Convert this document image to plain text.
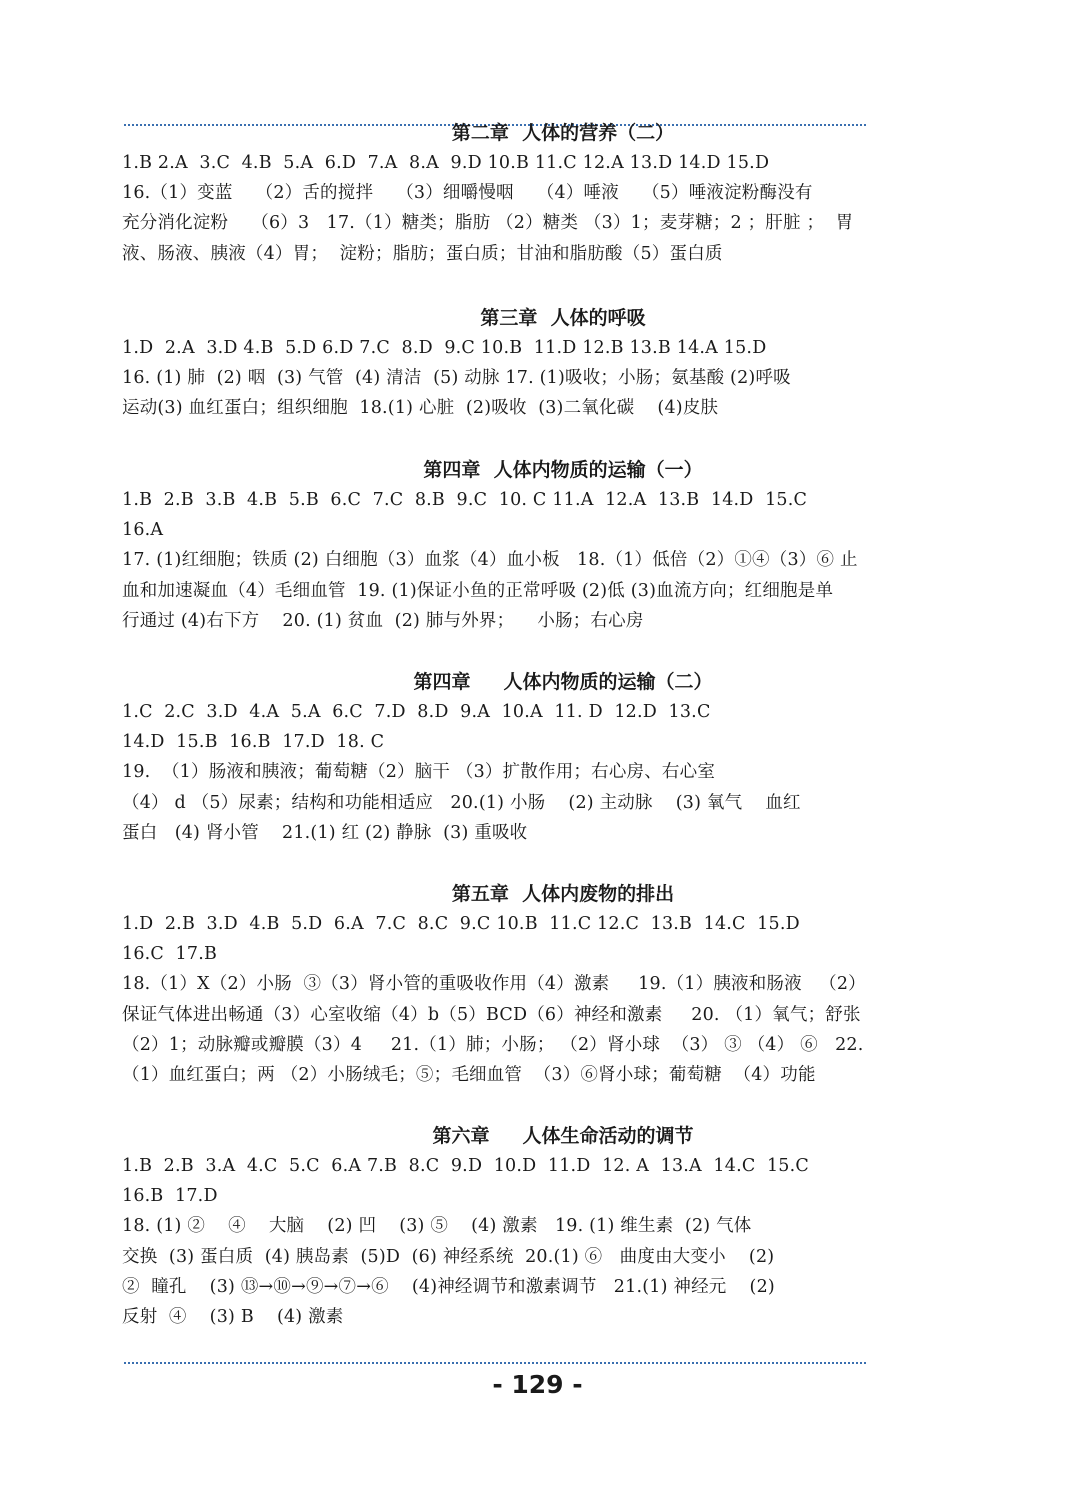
第二章  人体的营养（二）
1.B 2.A  3.C  4.B  5.A  6.D  7.A  8.A  9.D 10.B 11.C 12.A 13.D 14.D 15.D
16.（1）变蓝    （2）舌的搅拌    （3）细嚼慢咽    （4）唾液    （5）唾液淀粉酶没有
充分消化淀粉    （6）3   17.（1）糖类；脂肪 （2）糖类 （3）1；麦芽糖；2 ；肝脏 ；  胃
液、肠液、胰液（4）胃；  淀粉；脂肪；蛋白质；甘油和脂肪酸（5）蛋白质
第三章  人体的呼吸
1.D  2.A  3.D 4.B  5.D 6.D 7.C  8.D  9.C 10.B  11.D 12.B 13.B 14.A 15.D
16. (1) 肺  (2) 咽  (3) 气管  (4) 清洁  (5) 动脉 17. (1)吸收；小肠；氨基酸 (2)呼吸
运动(3) 血红蛋白；组织细胞  18.(1) 心脏  (2)吸收  (3)二氧化碳    (4)皮肤
第四章  人体内物质的运输（一）
1.B  2.B  3.B  4.B  5.B  6.C  7.C  8.B  9.C  10. C 11.A  12.A  13.B  14.D  15.C
16.A
17. (1)红细胞；铁质 (2) 白细胞（3）血浆（4）血小板   18.（1）低倍（2）①④（3）⑥ 止
血和加速凝血（4）毛细血管  19. (1)保证小鱼的正常呼吸 (2)低 (3)血流方向；红细胞是单
行通过 (4)右下方    20. (1) 贫血  (2) 肺与外界；    小肠；右心房
第四章     人体内物质的运输（二）
1.C  2.C  3.D  4.A  5.A  6.C  7.D  8.D  9.A  10.A  11. D  12.D  13.C
14.D  15.B  16.B  17.D  18. C
19.  （1）肠液和胰液；葡萄糖（2）脑干 （3）扩散作用；右心房、右心室
（4） d （5）尿素；结构和功能相适应   20.(1) 小肠    (2) 主动脉    (3) 氧气    血红
蛋白   (4) 肾小管    21.(1) 红 (2) 静脉  (3) 重吸收
第五章  人体内废物的排出
1.D  2.B  3.D  4.B  5.D  6.A  7.C  8.C  9.C 10.B  11.C 12.C  13.B  14.C  15.D
16.C  17.B
18.（1）X（2）小肠  ③（3）肾小管的重吸收作用（4）激素     19.（1）胰液和肠液   （2）
保证气体进出畅通（3）心室收缩（4）b（5）BCD（6）神经和激素     20. （1）氧气；舒张
（2）1；动脉瓣或瓣膜（3）4     21.（1）肺；小肠； （2）肾小球  （3） ③ （4） ⑥   22.
（1）血红蛋白；两 （2）小肠绒毛；⑤；毛细血管  （3）⑥肾小球；葡萄糖  （4）功能
第六章     人体生命活动的调节
1.B  2.B  3.A  4.C  5.C  6.A 7.B  8.C  9.D  10.D  11.D  12. A  13.A  14.C  15.C
16.B  17.D
18. (1) ②    ④    大脑    (2) 凹    (3) ⑤    (4) 激素   19. (1) 维生素  (2) 气体
交换  (3) 蛋白质  (4) 胰岛素  (5)D  (6) 神经系统  20.(1) ⑥   曲度由大变小    (2)
②  瞳孔    (3) ⑬→⑩→⑨→⑦→⑥    (4)神经调节和激素调节   21.(1) 神经元    (2)
反射  ④    (3) B    (4) 激素
- 129 -
